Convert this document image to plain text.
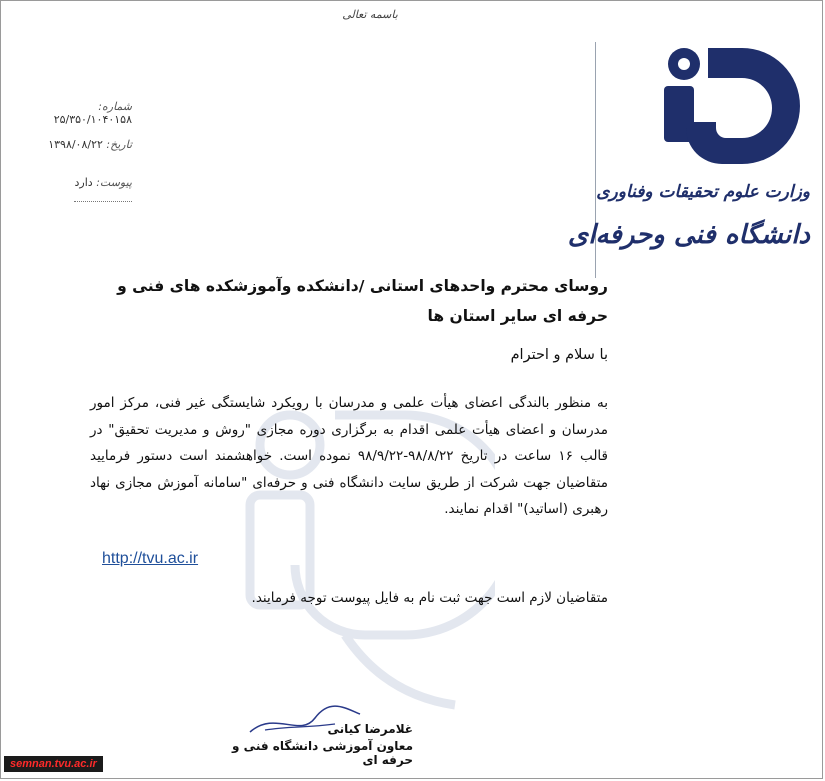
باسمه تعالی
شماره: ۲۵/۳۵۰/۱۰۴۰۱۵۸
تاریخ: ۱۳۹۸/۰۸/۲۲
پیوست: دارد	وزارت علوم تحقیقات وفناوری
دانشگاه فنی وحرفه‌ای
روسای محترم واحدهای استانی /دانشکده وآموزشکده های فنی و حرفه ای سایر استان ها
با سلام و احترام
به منظور بالندگی اعضای هیأت علمی و مدرسان با رویکرد شایستگی غیر فنی، مرکز امور مدرسان و اعضای هیأت علمی اقدام به برگزاری دوره مجازی "روش و مدیریت تحقیق" در قالب ۱۶ ساعت در تاریخ ۹۸/۸/۲۲-۹۸/۹/۲۲ نموده است. خواهشمند است دستور فرمایید متقاضیان جهت شرکت از طریق سایت دانشگاه فنی و حرفه‌ای "سامانه آموزش مجازی نهاد رهبری (اساتید)" اقدام نمایند.
http://tvu.ac.ir
متقاضیان لازم است جهت ثبت نام به فایل پیوست توجه فرمایند.
غلامرضا کیانی
معاون آموزشی دانشگاه فنی و حرفه ای
semnan.tvu.ac.ir
